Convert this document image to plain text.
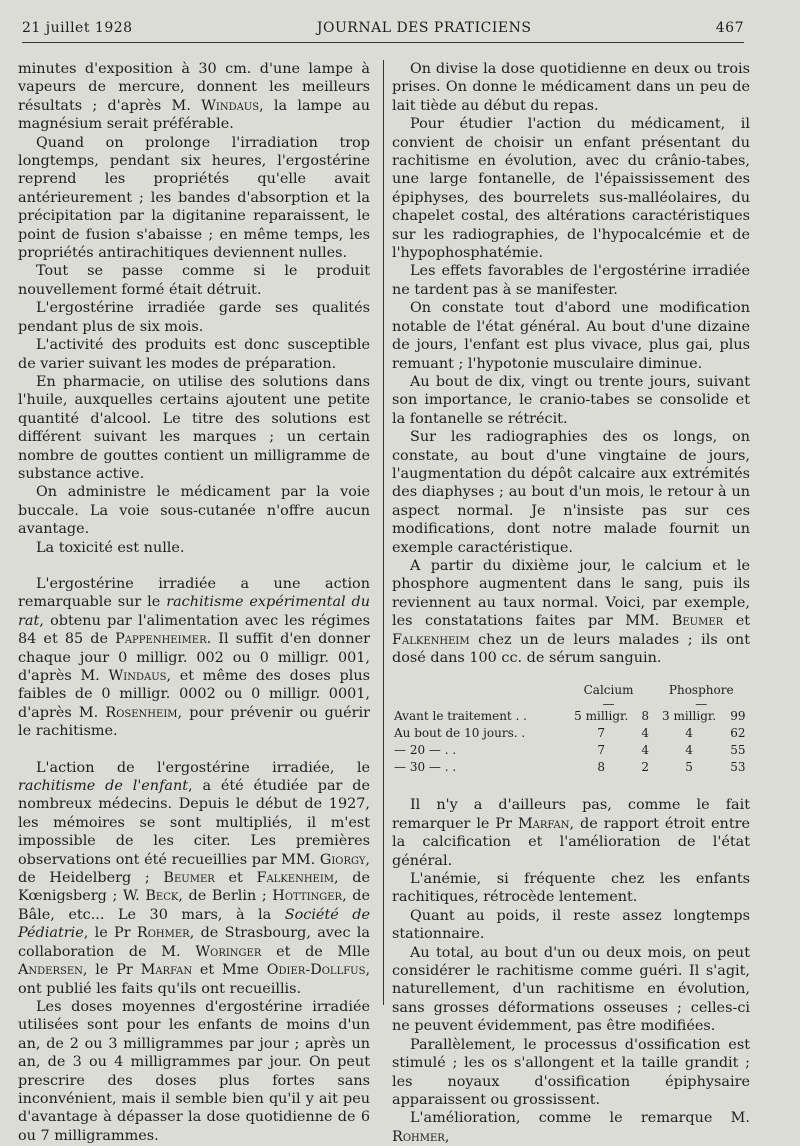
21 juillet 1928	JOURNAL DES PRATICIENS	467

minutes d'exposition à 30 cm. d'une lampe à vapeurs de mercure, donnent les meilleurs résultats ; d'après M. Windaus, la lampe au magnésium serait préférable.

Quand on prolonge l'irradiation trop longtemps, pendant six heures, l'ergostérine reprend les propriétés qu'elle avait antérieurement ; les bandes d'absorption et la précipitation par la digitanine reparaissent, le point de fusion s'abaisse ; en même temps, les propriétés antirachitiques deviennent nulles.

Tout se passe comme si le produit nouvellement formé était détruit.

L'ergostérine irradiée garde ses qualités pendant plus de six mois.

L'activité des produits est donc susceptible de varier suivant les modes de préparation.

En pharmacie, on utilise des solutions dans l'huile, auxquelles certains ajoutent une petite quantité d'alcool. Le titre des solutions est différent suivant les marques ; un certain nombre de gouttes contient un milligramme de substance active.

On administre le médicament par la voie buccale. La voie sous-cutanée n'offre aucun avantage.

La toxicité est nulle.

L'ergostérine irradiée a une action remarquable sur le rachitisme expérimental du rat, obtenu par l'alimentation avec les régimes 84 et 85 de Pappenheimer. Il suffit d'en donner chaque jour 0 milligr. 002 ou 0 milligr. 001, d'après M. Windaus, et même des doses plus faibles de 0 milligr. 0002 ou 0 milligr. 0001, d'après M. Rosenheim, pour prévenir ou guérir le rachitisme.

L'action de l'ergostérine irradiée, le rachitisme de l'enfant, a été étudiée par de nombreux médecins. Depuis le début de 1927, les mémoires se sont multipliés, il m'est impossible de les citer. Les premières observations ont été recueillies par MM. Giorgy, de Heidelberg ; Beumer et Falkenheim, de Kœnigsberg ; W. Beck, de Berlin ; Hottinger, de Bâle, etc... Le 30 mars, à la Société de Pédiatrie, le Pr Rohmer, de Strasbourg, avec la collaboration de M. Woringer et de Mlle Andersen, le Pr Marfan et Mme Odier-Dollfus, ont publié les faits qu'ils ont recueillis.

Les doses moyennes d'ergostérine irradiée utilisées sont pour les enfants de moins d'un an, de 2 ou 3 milligrammes par jour ; après un an, de 3 ou 4 milligrammes par jour. On peut prescrire des doses plus fortes sans inconvénient, mais il semble bien qu'il y ait peu d'avantage à dépasser la dose quotidienne de 6 ou 7 milligrammes.

On divise la dose quotidienne en deux ou trois prises. On donne le médicament dans un peu de lait tiède au début du repas.

Pour étudier l'action du médicament, il convient de choisir un enfant présentant du rachitisme en évolution, avec du crânio-tabes, une large fontanelle, de l'épaississement des épiphyses, des bourrelets sus-malléolaires, du chapelet costal, des altérations caractéristiques sur les radiographies, de l'hypocalcémie et de l'hypophosphatémie.

Les effets favorables de l'ergostérine irradiée ne tardent pas à se manifester.

On constate tout d'abord une modification notable de l'état général. Au bout d'une dizaine de jours, l'enfant est plus vivace, plus gai, plus remuant ; l'hypotonie musculaire diminue.

Au bout de dix, vingt ou trente jours, suivant son importance, le cranio-tabes se consolide et la fontanelle se rétrécit.

Sur les radiographies des os longs, on constate, au bout d'une vingtaine de jours, l'augmentation du dépôt calcaire aux extrémités des diaphyses ; au bout d'un mois, le retour à un aspect normal. Je n'insiste pas sur ces modifications, dont notre malade fournit un exemple caractéristique.

A partir du dixième jour, le calcium et le phosphore augmentent dans le sang, puis ils reviennent au taux normal. Voici, par exemple, les constatations faites par MM. Beumer et Falkenheim chez un de leurs malades ; ils ont dosé dans 100 cc. de sérum sanguin.

	Calcium		Phosphore	
	—		—	
Avant le traitement . .	5 milligr.	8	3 milligr.	99
Au bout de 10 jours. .	7	4	4	62
— 20 — . .	7	4	4	55
— 30 — . .	8	2	5	53

Il n'y a d'ailleurs pas, comme le fait remarquer le Pr Marfan, de rapport étroit entre la calcification et l'amélioration de l'état général.

L'anémie, si fréquente chez les enfants rachitiques, rétrocède lentement.

Quant au poids, il reste assez longtemps stationnaire.

Au total, au bout d'un ou deux mois, on peut considérer le rachitisme comme guéri. Il s'agit, naturellement, d'un rachitisme en évolution, sans grosses déformations osseuses ; celles-ci ne peuvent évidemment, pas être modifiées.

Parallèlement, le processus d'ossification est stimulé ; les os s'allongent et la taille grandit ; les noyaux d'ossification épiphysaire apparaissent ou grossissent.

L'amélioration, comme le remarque M. Rohmer,
